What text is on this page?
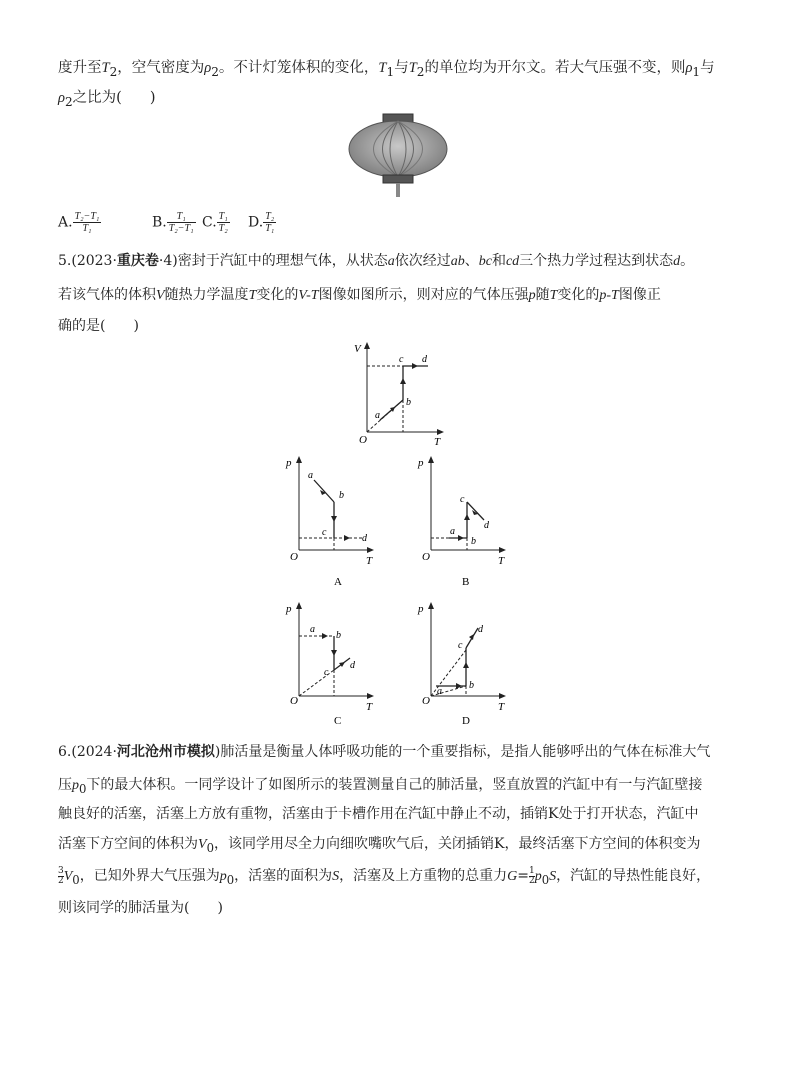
度升至$T_2$，空气密度为$\rho_2$。不计灯笼体积的变化，$T_1$与$T_2$的单位均为开尔文。若大气压强不变，则$\rho_1$与
$\rho_2$之比为( )
A. $\frac{\text{T₂−T₁}}{\text{T₁}}$	B. $\frac{\text{T₁}}{\text{T₂−T₁}} C$. $\frac{\text{T₁}}{\text{T₂}} D$. $\frac{\text{T₂}}{\text{T₁}}$
5.(2023·重庆卷·4)密封于汽缸中的理想气体，从状态a依次经过ab、bc和cd三个热力学过程达到状态d。
若该气体的体积V随热力学温度T变化的V-T图像如图所示，则对应的气体压强p随T变化的p-T图像正
确的是(　　)
V
T
O
a
b
c d
p
T
O
a
b
c
d
A
p
T
O
a
b
c
d
B
p
T
O
a
b
c
d
C
p
T
O
a
b
c
d
D
6.(2024·河北沧州市模拟)肺活量是衡量人体呼吸功能的一个重要指标，是指人能够呼出的气体在标准大气
压$p_0$下的最大体积。一同学设计了如图所示的装置测量自己的肺活量，竖直放置的汽缸中有一与汽缸壁接
触良好的活塞，活塞上方放有重物，活塞由于卡槽作用在汽缸中静止不动，插销K处于打开状态，汽缸中
活塞下方空间的体积为$V_0$，该同学用尽全力向细吹嘴吹气后，关闭插销K，最终活塞下方空间的体积变为
$\frac{3}{2} V_0$，已知外界大气压强为$p_0$，活塞的面积为S，活塞及上方重物的总重力$G= \frac{1}{2} p_0S$，汽缸的导热性能良好，
则该同学的肺活量为(　　)
